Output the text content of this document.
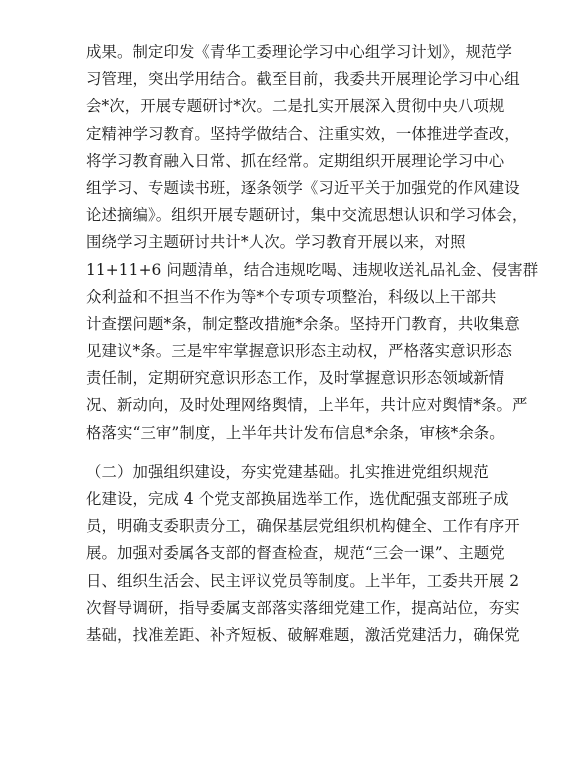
成果。制定印发《青华工委理论学习中心组学习计划》，规范学
习管理，突出学用结合。截至目前，我委共开展理论学习中心组
会*次，开展专题研讨*次。二是扎实开展深入贯彻中央八项规
定精神学习教育。坚持学做结合、注重实效，一体推进学查改，
将学习教育融入日常、抓在经常。定期组织开展理论学习中心
组学习、专题读书班，逐条领学《习近平关于加强党的作风建设
论述摘编》。组织开展专题研讨，集中交流思想认识和学习体会，
围绕学习主题研讨共计*人次。学习教育开展以来，对照
11+11+6 问题清单，结合违规吃喝、违规收送礼品礼金、侵害群
众利益和不担当不作为等*个专项专项整治，科级以上干部共
计查摆问题*条，制定整改措施*余条。坚持开门教育，共收集意
见建议*条。三是牢牢掌握意识形态主动权，严格落实意识形态
责任制，定期研究意识形态工作，及时掌握意识形态领域新情
况、新动向，及时处理网络舆情，上半年，共计应对舆情*条。严
格落实“三审”制度，上半年共计发布信息*余条，审核*余条。
（二）加强组织建设，夯实党建基础。扎实推进党组织规范
化建设，完成 4 个党支部换届选举工作，选优配强支部班子成
员，明确支委职责分工，确保基层党组织机构健全、工作有序开
展。加强对委属各支部的督查检查，规范“三会一课”、主题党
日、组织生活会、民主评议党员等制度。上半年，工委共开展 2
次督导调研，指导委属支部落实落细党建工作，提高站位，夯实
基础，找准差距、补齐短板、破解难题，激活党建活力，确保党
